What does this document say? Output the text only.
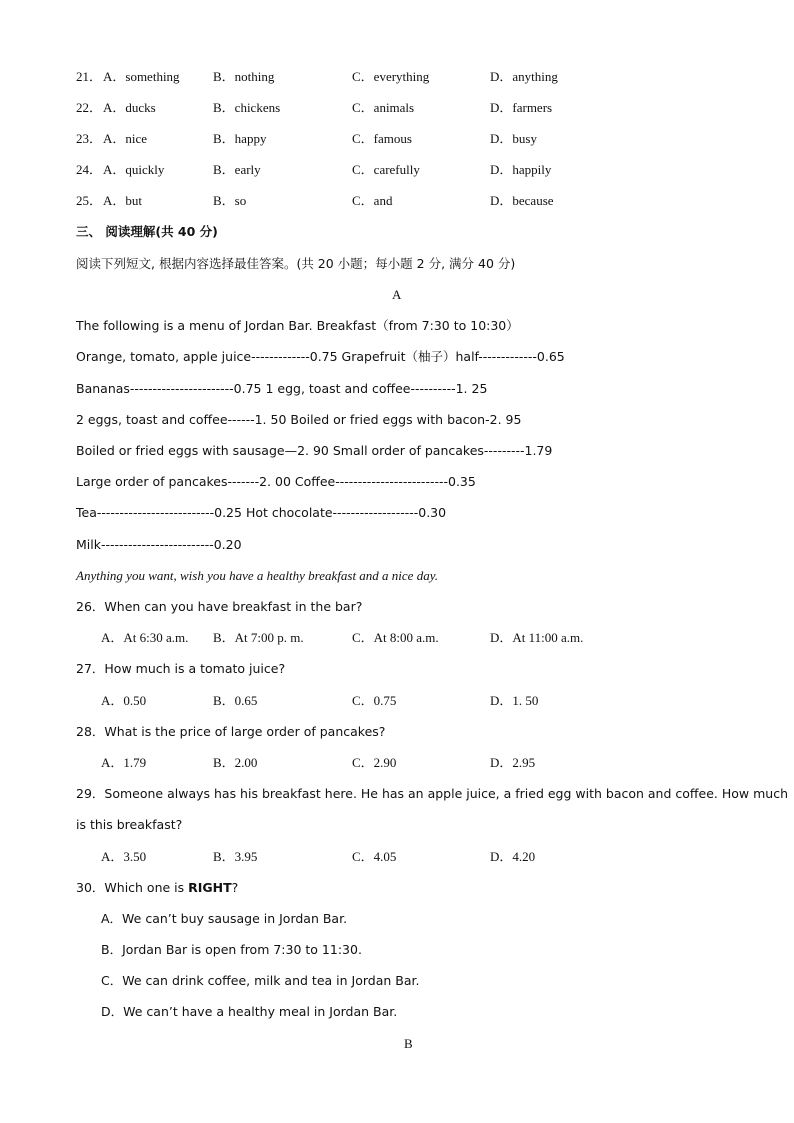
21． A．something	B．nothing	C．everything	D．anything
22． A．ducks	B．chickens	C．animals	D．farmers
23． A．nice	B．happy	C．famous	D．busy
24． A．quickly	B．early	C．carefully	D．happily
25． A．but	B．so	C．and	D．because
三、 阅读理解(共 40 分)
阅读下列短文, 根据内容选择最佳答案。(共 20 小题；每小题 2 分, 满分 40 分)
A
The following is a menu of Jordan Bar. Breakfast（from 7:30 to 10:30）
Orange, tomato, apple juice-------------0.75 Grapefruit（柚子）half-------------0.65
Bananas-----------------------0.75 1 egg, toast and coffee----------1. 25
2 eggs, toast and coffee------1. 50 Boiled or fried eggs with bacon-2. 95
Boiled or fried eggs with sausage—2. 90 Small order of pancakes---------1.79
Large order of pancakes-------2. 00 Coffee-------------------------0.35
Tea--------------------------0.25 Hot chocolate-------------------0.30
Milk-------------------------0.20
Anything you want, wish you have a healthy breakfast and a nice day.
26．When can you have breakfast in the bar?
A．At 6:30 a.m. B．At 7:00 p. m.	C．At 8:00 a.m.	D．At 11:00 a.m.
27．How much is a tomato juice?
A．0.50	B．0.65	C．0.75	D．1. 50
28．What is the price of large order of pancakes?
A．1.79	B．2.00	C．2.90	D．2.95
29．Someone always has his breakfast here. He has an apple juice, a fried egg with bacon and coffee. How much
is this breakfast?
A．3.50	B．3.95	C．4.05	D．4.20
30．Which one is RIGHT?
A．We can’t buy sausage in Jordan Bar.
B．Jordan Bar is open from 7:30 to 11:30.
C．We can drink coffee, milk and tea in Jordan Bar.
D．We can’t have a healthy meal in Jordan Bar.
B
